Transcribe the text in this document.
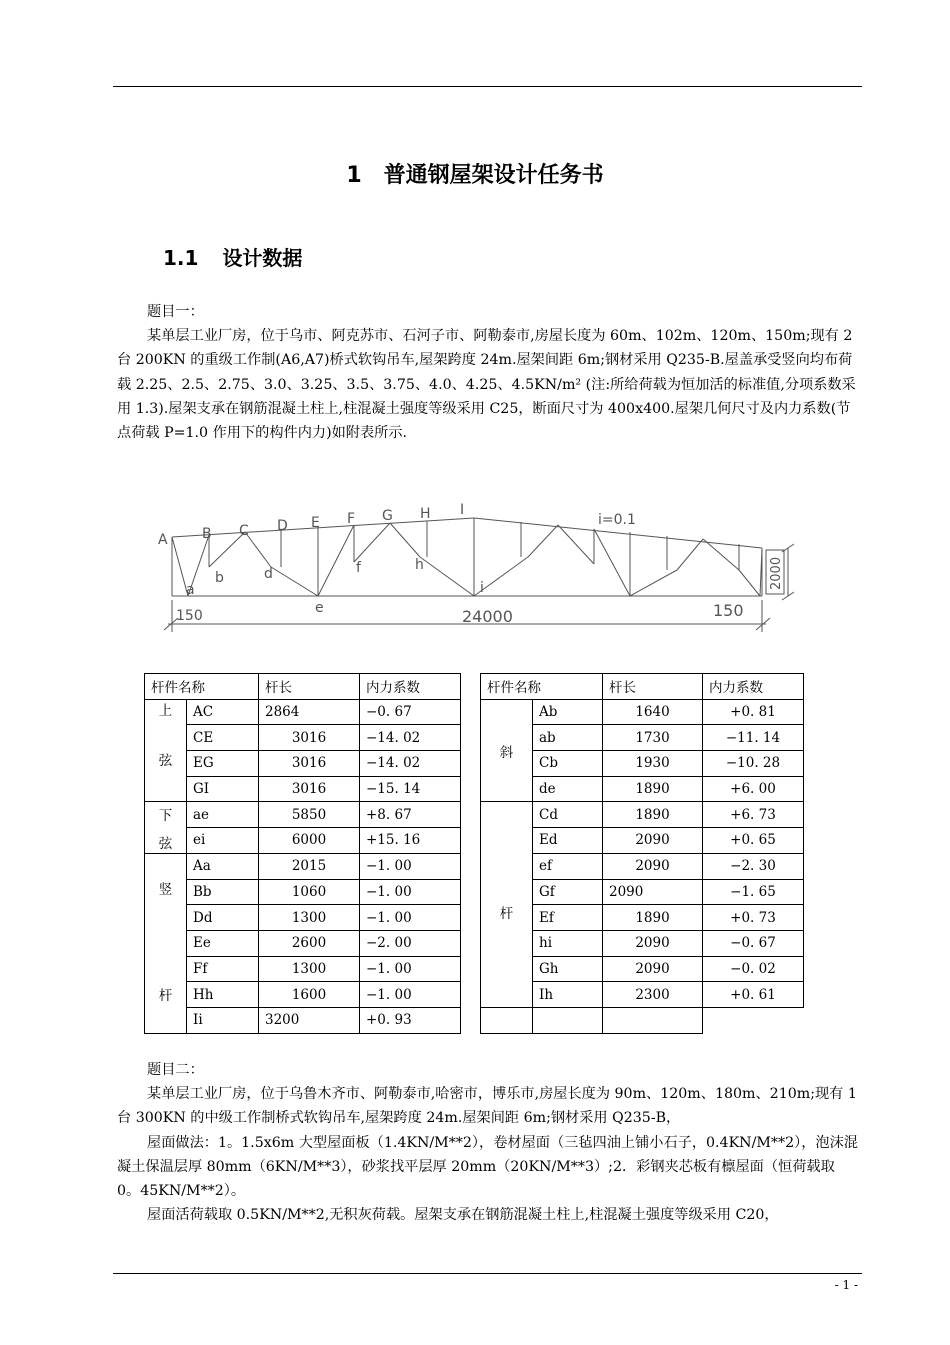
1 普通钢屋架设计任务书
1.1 设计数据

题目一：

某单层工业厂房，位于乌市、阿克苏市、石河子市、阿勒泰市,房屋长度为 60m、102m、120m、150m;现有 2 台 200KN 的重级工作制(A6,A7)桥式软钩吊车,屋架跨度 24m.屋架间距 6m;钢材采用 Q235-B.屋盖承受竖向均布荷载 2.25、2.5、2.75、3.0、3.25、3.5、3.75、4.0、4.25、4.5KN/m² (注:所给荷载为恒加活的标准值,分项系数采用 1.3).屋架支承在钢筋混凝土柱上,柱混凝土强度等级采用 C25，断面尺寸为 400x400.屋架几何尺寸及内力系数(节点荷载 P=1.0 作用下的构件内力)如附表所示.

A B C D E F G H I
a
b	d	f	h
e
i
i=0.1
24000
150	150
2000
杆件名称		杆长	内力系数		杆件名称		杆长	内力系数

上
弦	AC	2864	−0. 67		斜	Ab	1640	+0. 81
	CE	3016	−14. 02			ab	1730	−11. 14
	EG	3016	−14. 02			Cb	1930	−10. 28
	GI	3016	−15. 14			de	1890	+6. 00

下
弦	ae	5850	+8. 67		杆	Cd	1890	+6. 73
	ei	6000	+15. 16			Ed	2090	+0. 65

竖
杆	Aa	2015	−1. 00			ef	2090	−2. 30
	Bb	1060	−1. 00			Gf	2090	−1. 65
	Dd	1300	−1. 00			Ef	1890	+0. 73
	Ee	2600	−2. 00			hi	2090	−0. 67
	Ff	1300	−1. 00			Gh	2090	−0. 02
	Hh	1600	−1. 00			Ih	2300	+0. 61
	Ii	3200	+0. 93					

题目二：

某单层工业厂房，位于乌鲁木齐市、阿勒泰市,哈密市，博乐市,房屋长度为 90m、120m、180m、210m;现有 1 台 300KN 的中级工作制桥式软钩吊车,屋架跨度 24m.屋架间距 6m;钢材采用 Q235-B，

屋面做法：1。1.5x6m 大型屋面板（1.4KN/M**2），卷材屋面（三毡四油上铺小石子，0.4KN/M**2），泡沫混凝土保温层厚 80mm（6KN/M**3），砂浆找平层厚 20mm（20KN/M**3）;2．彩钢夹芯板有檩屋面（恒荷载取 0。45KN/M**2）。

屋面活荷载取 0.5KN/M**2,无积灰荷载。屋架支承在钢筋混凝土柱上,柱混凝土强度等级采用 C20，

- 1 -
